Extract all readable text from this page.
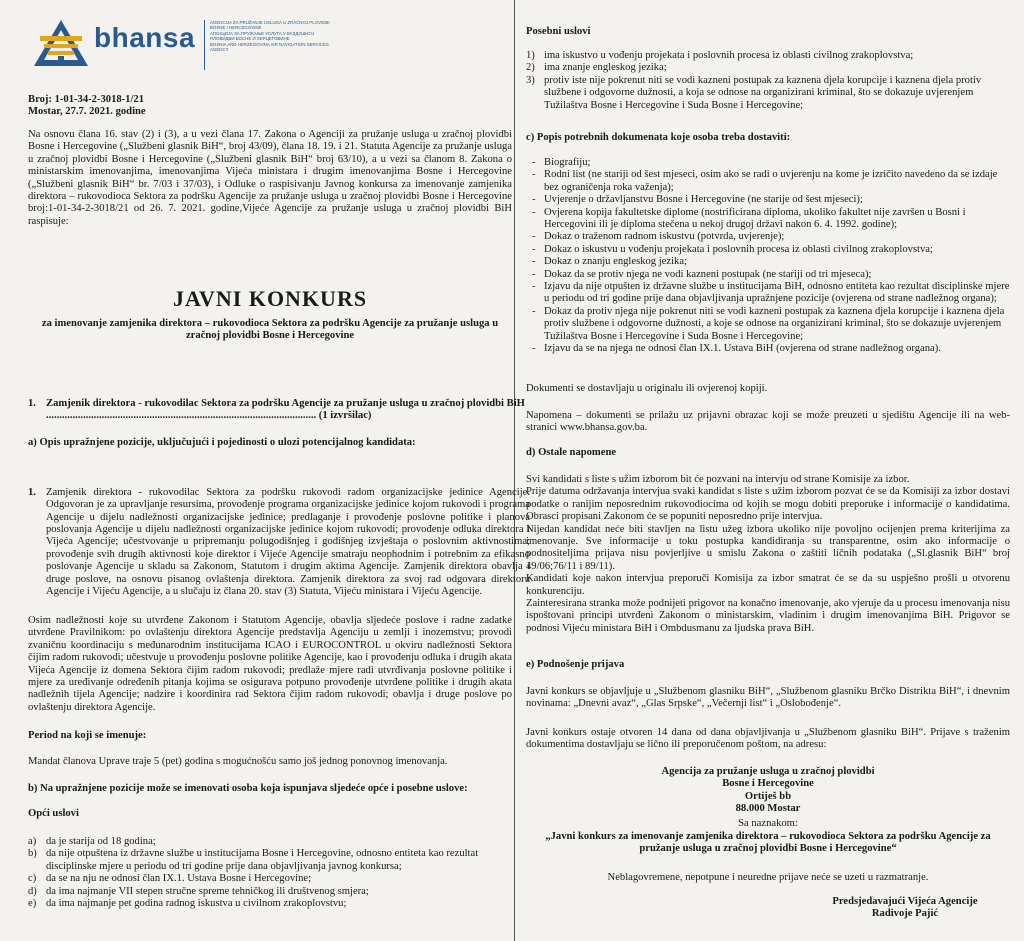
bhansa	AGENCIJA ZA PRUŽANJE USLUGA U ZRAČNOJ PLOVIDBI BOSNE I HERCEGOVINE
АГЕНЦИЈА ЗА ПРУЖАЊЕ УСЛУГА У ВАЗДУШНОЈ ПЛОВИДБИ БОСНЕ И ХЕРЦЕГОВИНЕ
BOSNIA AND HERZEGOVINA AIR NAVIGATION SERVICES AGENCY
Broj: 1-01-34-2-3018-1/21
Mostar, 27.7. 2021. godine

Na osnovu člana 16. stav (2) i (3), a u vezi člana 17. Zakona o Agenciji za pružanje usluga u zračnoj plovidbi Bosne i Hercegovine („Službeni glasnik BiH“, broj 43/09), člana 18. 19. i 21. Statuta Agencije za pružanje usluga u zračnoj plovidbi Bosne i Hercegovine („Službeni glasnik BiH“ broj 63/10), a u vezi sa članom 8. Zakona o ministarskim imenovanjima, imenovanjima Vijeća ministara i drugim imenovanjima Bosne i Hercegovine („Službeni glasnik BiH“ br. 7/03 i 37/03), i Odluke o raspisivanju Javnog konkursa za imenovanje zamjenika direktora – rukovodioca Sektora za podršku Agencije za pružanje usluga u zračnoj plovidbi Bosne i Hercegovine broj:1-01-34-2-3018/21 od 26. 7. 2021. godine,Vijeće Agencije za pružanje usluga u zračnoj plovidbi BiH raspisuje:

JAVNI KONKURS

za imenovanje zamjenika direktora – rukovodioca Sektora za podršku Agencije za pružanje usluga u zračnoj plovidbi Bosne i Hercegovine

1. Zamjenik direktora - rukovodilac Sektora za podršku Agencije za pružanje usluga u zračnoj plovidbi BiH ...................................................................................................... (1 izvršilac)

a) Opis upražnjene pozicije, uključujući i pojedinosti o ulozi potencijalnog kandidata:

1. Zamjenik direktora - rukovodilac Sektora za podršku rukovodi radom organizacijske jedinice Agencije. Odgovoran je za upravljanje resursima, provođenje programa organizacijske jedinice kojom rukovodi i programa Agencije u dijelu nadležnosti organizacijske jedinice; predlaganje i provođenje poslovne politike i planova poslovanja Agencije u dijelu nadležnosti organizacijske jedinice kojom rukovodi; provođenje odluka direktora i Vijeća Agencije; učestvovanje u pripremanju polugodišnjeg i godišnjeg izvještaja o poslovnim aktivnostima; provođenje svih drugih aktivnosti koje direktor i Vijeće Agencije smatraju neophodnim i potrebnim za efikasno poslovanje Agencije u skladu sa Zakonom, Statutom i drugim aktima Agencije. Zamjenik direktora obavlja i druge poslove, na osnovu pisanog ovlaštenja direktora. Zamjenik direktora za svoj rad odgovara direktoru Agencije i Vijeću Agencije, a u slučaju iz člana 20. stav (3) Statuta, Vijeću ministara i Vijeću Agencije.

Osim nadležnosti koje su utvrđene Zakonom i Statutom Agencije, obavlja sljedeće poslove i radne zadatke utvrđene Pravilnikom: po ovlaštenju direktora Agencije predstavlja Agenciju u zemlji i inozemstvu; provodi zvaničnu koordinaciju s međunarodnim institucijama ICAO i EUROCONTROL u okviru nadležnosti Sektora čijim radom rukovodi; učestvuje u provođenju poslovne politike Agencije, kao i provođenju odluka i drugih akata Vijeća Agencije iz domena Sektora čijim radom rukovodi; predlaže mjere radi utvrđivanja poslovne politike i mjere za uređivanje određenih pitanja kojima se osigurava potpuno provođenje utvrđene politike i drugih akata nadležnih tijela Agencije; nadzire i koordinira rad Sektora čijim radom rukovodi; obavlja i druge poslove po ovlaštenju direktora Agencije.

Period na koji se imenuje:

Mandat članova Uprave traje 5 (pet) godina s mogućnošću samo još jednog ponovnog imenovanja.

b) Na upražnjene pozicije može se imenovati osoba koja ispunjava sljedeće opće i posebne uslove:

Opći uslovi

a) da je starija od 18 godina;
b) da nije otpuštena iz državne službe u institucijama Bosne i Hercegovine, odnosno entiteta kao rezultat disciplinske mjere u periodu od tri godine prije dana objavljivanja javnog konkursa;
c) da se na nju ne odnosi član IX.1. Ustava Bosne i Hercegovine;
d) da ima najmanje VII stepen stručne spreme tehničkog ili društvenog smjera;
e) da ima najmanje pet godina radnog iskustva u civilnom zrakoplovstvu;

Posebni uslovi

1) ima iskustvo u vođenju projekata i poslovnih procesa iz oblasti civilnog zrakoplovstva;
2) ima znanje engleskog jezika;
3) protiv iste nije pokrenut niti se vodi kazneni postupak za kaznena djela korupcije i kaznena djela protiv službene i odgovorne dužnosti, a koja se odnose na organizirani kriminal, što se dokazuje uvjerenjem Tužilaštva Bosne i Hercegovine i Suda Bosne i Hercegovine;

c) Popis potrebnih dokumenata koje osoba treba dostaviti:

- Biografiju;
- Rodni list (ne stariji od šest mjeseci, osim ako se radi o uvjerenju na kome je izričito navedeno da se izdaje bez ograničenja roka važenja);
- Uvjerenje o državljanstvu Bosne i Hercegovine (ne starije od šest mjeseci);
- Ovjerena kopija fakultetske diplome (nostrificirana diploma, ukoliko fakultet nije završen u Bosni i Hercegovini ili je diploma stečena u nekoj drugoj državi nakon 6. 4. 1992. godine);
- Dokaz o traženom radnom iskustvu (potvrda, uvjerenje);
- Dokaz o iskustvu u vođenju projekata i poslovnih procesa iz oblasti civilnog zrakoplovstva;
- Dokaz o znanju engleskog jezika;
- Dokaz da se protiv njega ne vodi kazneni postupak (ne stariji od tri mjeseca);
- Izjavu da nije otpušten iz državne službe u institucijama BiH, odnosno entiteta kao rezultat disciplinske mjere u periodu od tri godine prije dana objavljivanja upražnjene pozicije (ovjerena od strane nadležnog organa);
- Dokaz da protiv njega nije pokrenut niti se vodi kazneni postupak za kaznena djela korupcije i kaznena djela protiv službene i odgovorne dužnosti, a koje se odnose na organizirani kriminal, što se dokazuje uvjerenjem Tužilaštva Bosne i Hercegovine i Suda Bosne i Hercegovine;
- Izjavu da se na njega ne odnosi član IX.1. Ustava BiH (ovjerena od strane nadležnog organa).

Dokumenti se dostavljaju u originalu ili ovjerenoj kopiji.

Napomena – dokumenti se prilažu uz prijavni obrazac koji se može preuzeti u sjedištu Agencije ili na web-stranici www.bhansa.gov.ba.

d) Ostale napomene

Svi kandidati s liste s užim izborom bit će pozvani na intervju od strane Komisije za izbor.

Prije datuma održavanja intervjua svaki kandidat s liste s užim izborom pozvat će se da Komisiji za izbor dostavi podatke o ranijim neposrednim rukovodiocima od kojih se mogu dobiti preporuke i informacije o kandidatima. Obrasci propisani Zakonom će se popuniti neposredno prije intervjua.

Nijedan kandidat neće biti stavljen na listu užeg izbora ukoliko nije povoljno ocijenjen prema kriterijima za imenovanje. Sve informacije u toku postupka kandidiranja su transparentne, osim ako informacije o podnositeljima prijava nisu povjerljive u smislu Zakona o zaštiti ličnih podataka („Sl.glasnik BiH“ broj 49/06;76/11 i 89/11).

Kandidati koje nakon intervjua preporuči Komisija za izbor smatrat će se da su uspješno prošli u otvorenu konkurenciju.

Zainteresirana stranka može podnijeti prigovor na konačno imenovanje, ako vjeruje da u procesu imenovanja nisu ispoštovani principi utvrđeni Zakonom o ministarskim, vladinim i drugim imenovanjima BiH. Prigovor se podnosi Vijeću ministara BiH i Ombdusmanu za ljudska prava BiH.

e) Podnošenje prijava

Javni konkurs se objavljuje u „Službenom glasniku BiH“, „Službenom glasniku Brčko Distrikta BiH“, i dnevnim novinama: „Dnevni avaz“, „Glas Srpske“, „Večernji list“ i „Oslobođenje“.

Javni konkurs ostaje otvoren 14 dana od dana objavljivanja u „Službenom glasniku BiH“. Prijave s traženim dokumentima dostavljaju se lično ili preporučenom poštom, na adresu:

Agencija za pružanje usluga u zračnoj plovidbi
Bosne i Hercegovine
Ortiješ bb
88.000 Mostar
Sa naznakom:

„Javni konkurs za imenovanje zamjenika direktora – rukovodioca Sektora za podršku Agencije za pružanje usluga u zračnoj plovidbi Bosne i Hercegovine“

Neblagovremene, nepotpune i neuredne prijave neće se uzeti u razmatranje.

Predsjedavajući Vijeća Agencije
Radivoje Pajić
